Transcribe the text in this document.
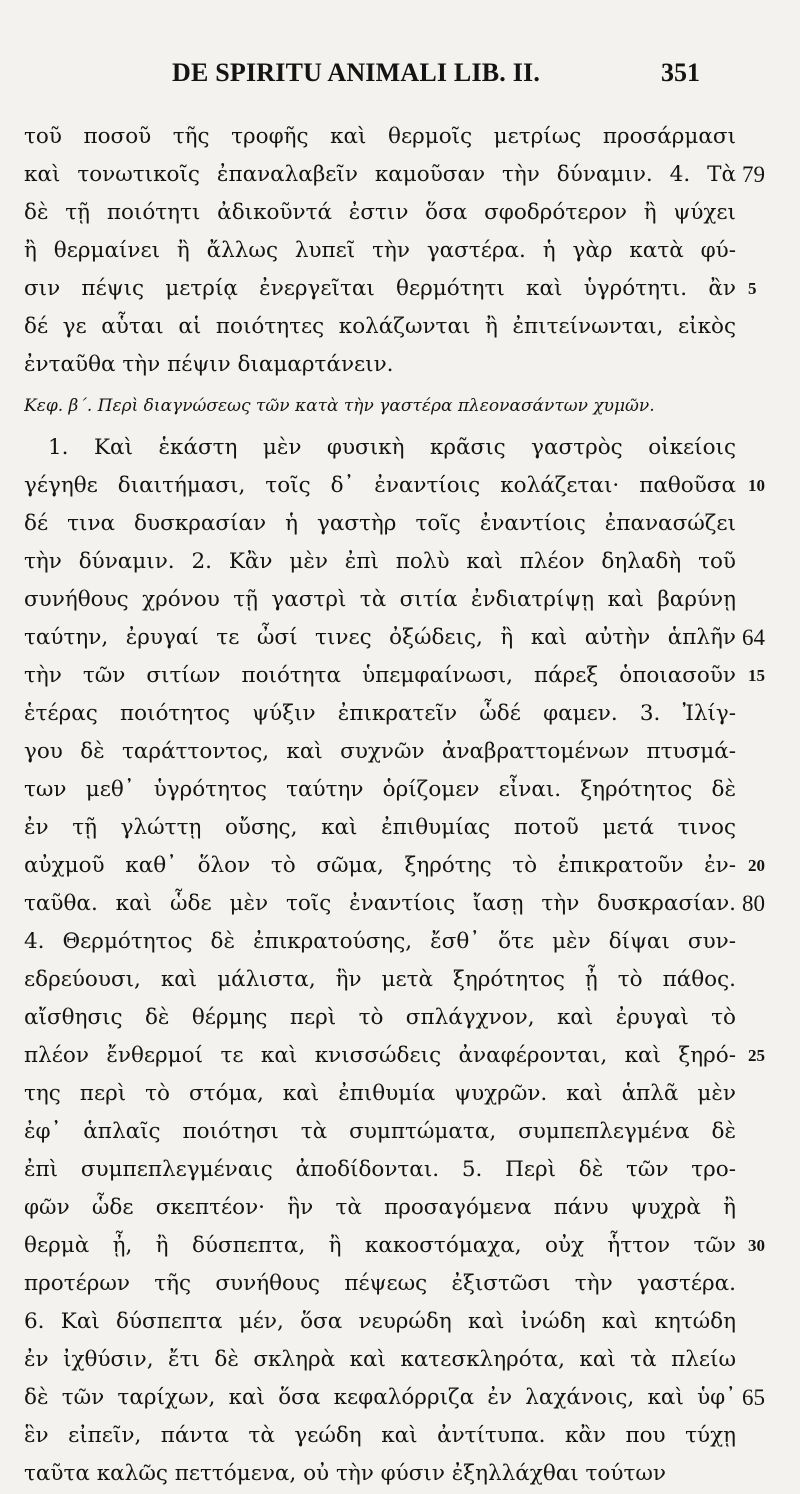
DE SPIRITU ANIMALI LIB. II.	351
τοῦ ποσοῦ τῆς τροφῆς καὶ θερμοῖς μετρίως προσάρμασι
καὶ τονωτικοῖς ἐπαναλαβεῖν καμοῦσαν τὴν δύναμιν. 4. Τὰ
δὲ τῇ ποιότητι ἀδικοῦντά ἐστιν ὅσα σφοδρότερον ἢ ψύχει
ἢ θερμαίνει ἢ ἄλλως λυπεῖ τὴν γαστέρα. ἡ γὰρ κατὰ φύ-
σιν πέψις μετρίᾳ ἐνεργεῖται θερμότητι καὶ ὑγρότητι. ἂν
δέ γε αὗται αἱ ποιότητες κολάζωνται ἢ ἐπιτείνωνται, εἰκὸς
ἐνταῦθα τὴν πέψιν διαμαρτάνειν.
Κεφ. β΄. Περὶ διαγνώσεως τῶν κατὰ τὴν γαστέρα πλεονασάντων χυμῶν.
1. Καὶ ἑκάστη μὲν φυσικὴ κρᾶσις γαστρὸς οἰκείοις
γέγηθε διαιτήμασι, τοῖς δ᾽ ἐναντίοις κολάζεται· παθοῦσα
δέ τινα δυσκρασίαν ἡ γαστὴρ τοῖς ἐναντίοις ἐπανασώζει
τὴν δύναμιν. 2. Κἂν μὲν ἐπὶ πολὺ καὶ πλέον δηλαδὴ τοῦ
συνήθους χρόνου τῇ γαστρὶ τὰ σιτία ἐνδιατρίψῃ καὶ βαρύνῃ
ταύτην, ἐρυγαί τε ὦσί τινες ὀξώδεις, ἢ καὶ αὐτὴν ἁπλῆν
τὴν τῶν σιτίων ποιότητα ὑπεμφαίνωσι, πάρεξ ὁποιασοῦν
ἑτέρας ποιότητος ψύξιν ἐπικρατεῖν ὧδέ φαμεν. 3. Ἰλίγ-
γου δὲ ταράττοντος, καὶ συχνῶν ἀναβραττομένων πτυσμά-
των μεθ᾽ ὑγρότητος ταύτην ὁρίζομεν εἶναι. ξηρότητος δὲ
ἐν τῇ γλώττῃ οὔσης, καὶ ἐπιθυμίας ποτοῦ μετά τινος
αὐχμοῦ καθ᾽ ὅλον τὸ σῶμα, ξηρότης τὸ ἐπικρατοῦν ἐν-
ταῦθα. καὶ ὧδε μὲν τοῖς ἐναντίοις ἴασῃ τὴν δυσκρασίαν.
4. Θερμότητος δὲ ἐπικρατούσης, ἔσθ᾽ ὅτε μὲν δίψαι συν-
εδρεύουσι, καὶ μάλιστα, ἣν μετὰ ξηρότητος ᾖ τὸ πάθος.
αἴσθησις δὲ θέρμης περὶ τὸ σπλάγχνον, καὶ ἐρυγαὶ τὸ
πλέον ἔνθερμοί τε καὶ κνισσώδεις ἀναφέρονται, καὶ ξηρό-
της περὶ τὸ στόμα, καὶ ἐπιθυμία ψυχρῶν. καὶ ἁπλᾶ μὲν
ἐφ᾽ ἁπλαῖς ποιότησι τὰ συμπτώματα, συμπεπλεγμένα δὲ
ἐπὶ συμπεπλεγμέναις ἀποδίδονται. 5. Περὶ δὲ τῶν τρο-
φῶν ὧδε σκεπτέον· ἣν τὰ προσαγόμενα πάνυ ψυχρὰ ἢ
θερμὰ ᾖ, ἢ δύσπεπτα, ἢ κακοστόμαχα, οὐχ ἧττον τῶν
προτέρων τῆς συνήθους πέψεως ἐξιστῶσι τὴν γαστέρα.
6. Καὶ δύσπεπτα μέν, ὅσα νευρώδη καὶ ἰνώδη καὶ κητώδη
ἐν ἰχθύσιν, ἔτι δὲ σκληρὰ καὶ κατεσκληρότα, καὶ τὰ πλείω
δὲ τῶν ταρίχων, καὶ ὅσα κεφαλόρριζα ἐν λαχάνοις, καὶ ὑφ᾽
ἓν εἰπεῖν, πάντα τὰ γεώδη καὶ ἀντίτυπα. κἂν που τύχῃ
ταῦτα καλῶς πεττόμενα, οὐ τὴν φύσιν ἐξηλλάχθαι τούτων
5
10
15
20
25
30
79
64
80
65
